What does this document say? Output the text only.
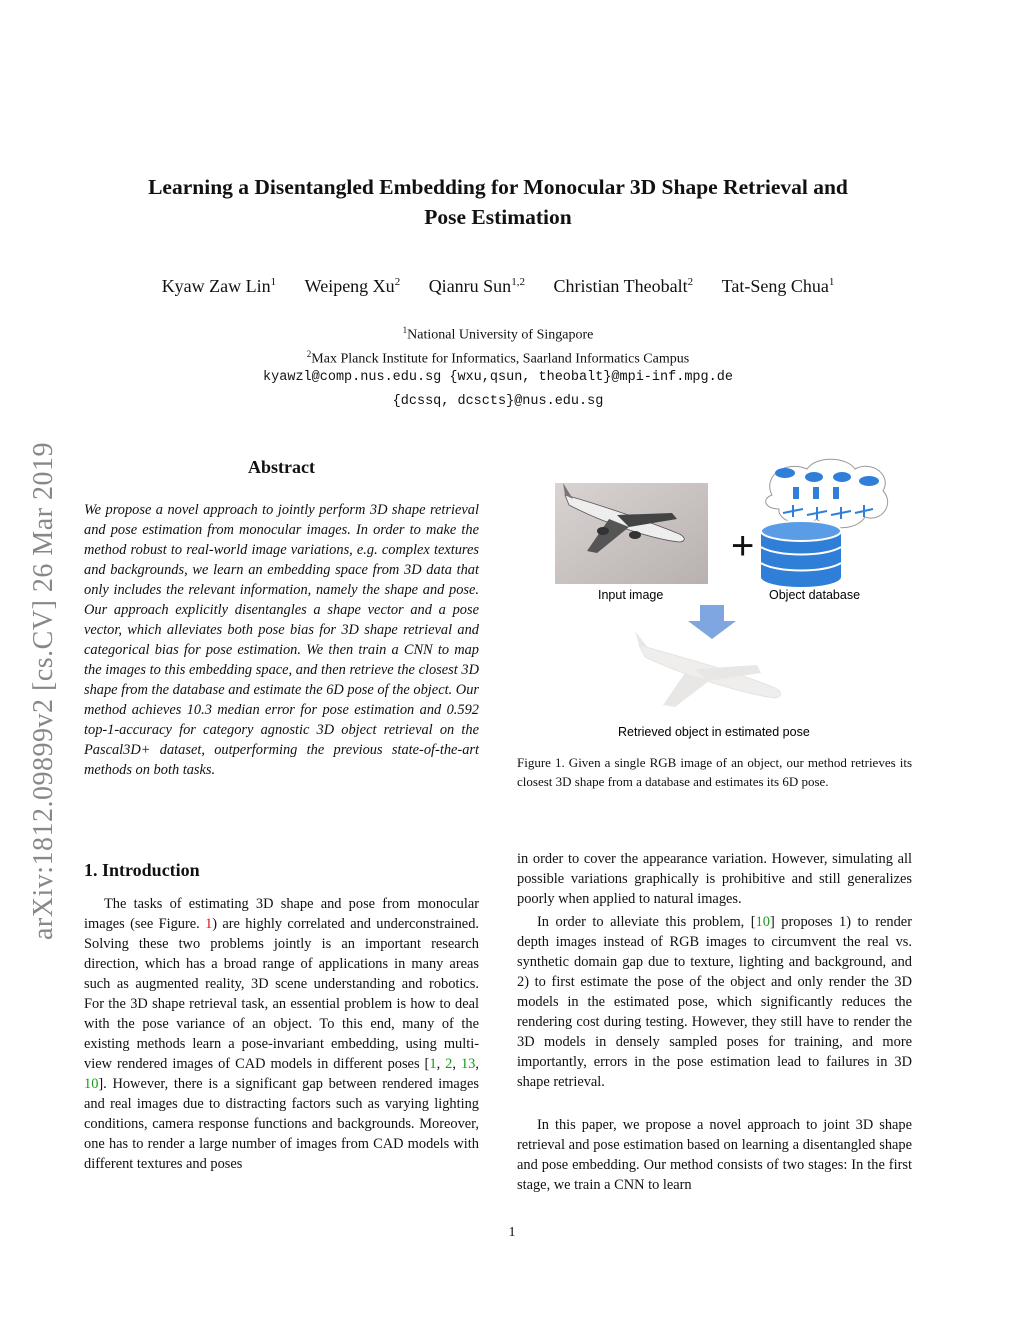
arXiv:1812.09899v2 [cs.CV] 26 Mar 2019
Learning a Disentangled Embedding for Monocular 3D Shape Retrieval and
Pose Estimation
Kyaw Zaw Lin$^1$ Weipeng Xu$^2$ Qianru Sun$^{1,2}$ Christian Theobalt$^2$ Tat-Seng Chua$^1$
$^1$National University of Singapore
$^2$Max Planck Institute for Informatics, Saarland Informatics Campus
kyawzl@comp.nus.edu.sg {wxu,qsun, theobalt}@mpi-inf.mpg.de
{dcssq, dcscts}@nus.edu.sg
Abstract

We propose a novel approach to jointly perform 3D shape retrieval and pose estimation from monocular images. In order to make the method robust to real-world image variations, e.g. complex textures and backgrounds, we learn an embedding space from 3D data that only includes the relevant information, namely the shape and pose. Our approach explicitly disentangles a shape vector and a pose vector, which alleviates both pose bias for 3D shape retrieval and categorical bias for pose estimation. We then train a CNN to map the images to this embedding space, and then retrieve the closest 3D shape from the database and estimate the 6D pose of the object. Our method achieves 10.3 median error for pose estimation and 0.592 top-1-accuracy for category agnostic 3D object retrieval on the Pascal3D+ dataset, outperforming the previous state-of-the-art methods on both tasks.

Input image
+
Object database
Retrieved object in estimated pose

Figure 1. Given a single RGB image of an object, our method retrieves its closest 3D shape from a database and estimates its 6D pose.

1. Introduction

The tasks of estimating 3D shape and pose from monocular images (see Figure. 1) are highly correlated and underconstrained. Solving these two problems jointly is an important research direction, which has a broad range of applications in many areas such as augmented reality, 3D scene understanding and robotics. For the 3D shape retrieval task, an essential problem is how to deal with the pose variance of an object. To this end, many of the existing methods learn a pose-invariant embedding, using multi-view rendered images of CAD models in different poses [1, 2, 13, 10]. However, there is a significant gap between rendered images and real images due to distracting factors such as varying lighting conditions, camera response functions and backgrounds. Moreover, one has to render a large number of images from CAD models with different textures and poses

in order to cover the appearance variation. However, simulating all possible variations graphically is prohibitive and still generalizes poorly when applied to natural images.

In order to alleviate this problem, [10] proposes 1) to render depth images instead of RGB images to circumvent the real vs. synthetic domain gap due to texture, lighting and background, and 2) to first estimate the pose of the object and only render the 3D models in the estimated pose, which significantly reduces the rendering cost during testing. However, they still have to render the 3D models in densely sampled poses for training, and more importantly, errors in the pose estimation lead to failures in 3D shape retrieval.

In this paper, we propose a novel approach to joint 3D shape retrieval and pose estimation based on learning a disentangled shape and pose embedding. Our method consists of two stages: In the first stage, we train a CNN to learn

1
